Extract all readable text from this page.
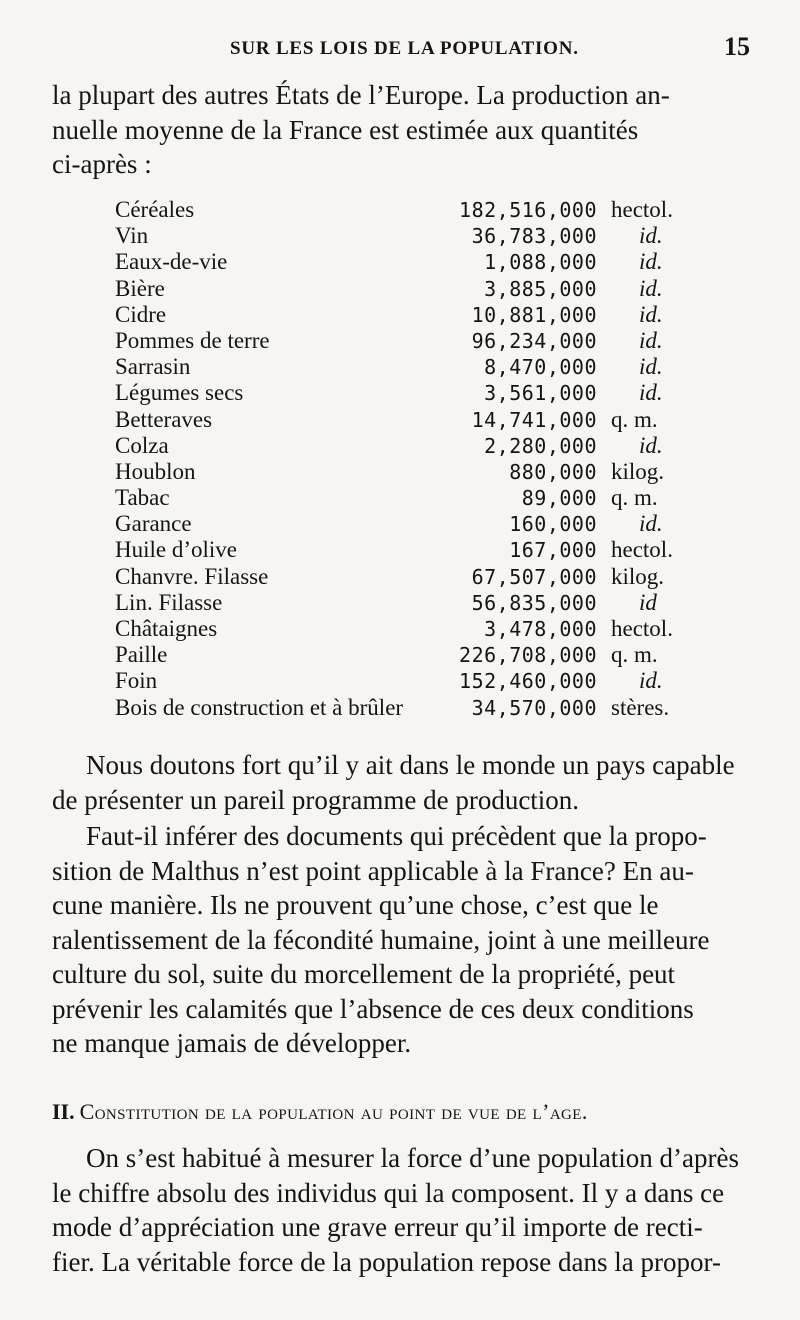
SUR LES LOIS DE LA POPULATION.	15
la plupart des autres États de l’Europe. La production an-
nuelle moyenne de la France est estimée aux quantités
ci-après :
Céréales	182,516,000 hectol.
Vin	36,783,000 id.
Eaux-de-vie	1,088,000 id.
Bière	3,885,000 id.
Cidre	10,881,000 id.
Pommes de terre	96,234,000 id.
Sarrasin	8,470,000 id.
Légumes secs	3,561,000 id.
Betteraves	14,741,000 q. m.
Colza	2,280,000 id.
Houblon	880,000 kilog.
Tabac	89,000 q. m.
Garance	160,000 id.
Huile d’olive	167,000 hectol.
Chanvre. Filasse	67,507,000 kilog.
Lin. Filasse	56,835,000 id
Châtaignes	3,478,000 hectol.
Paille	226,708,000 q. m.
Foin	152,460,000 id.
Bois de construction et à brûler	34,570,000 stères.
Nous doutons fort qu’il y ait dans le monde un pays capable
de présenter un pareil programme de production.
Faut-il inférer des documents qui précèdent que la propo-
sition de Malthus n’est point applicable à la France? En au-
cune manière. Ils ne prouvent qu’une chose, c’est que le
ralentissement de la fécondité humaine, joint à une meilleure
culture du sol, suite du morcellement de la propriété, peut
prévenir les calamités que l’absence de ces deux conditions
ne manque jamais de développer.
II. Constitution de la population au point de vue de l’age.
On s’est habitué à mesurer la force d’une population d’après
le chiffre absolu des individus qui la composent. Il y a dans ce
mode d’appréciation une grave erreur qu’il importe de recti-
fier. La véritable force de la population repose dans la propor-
